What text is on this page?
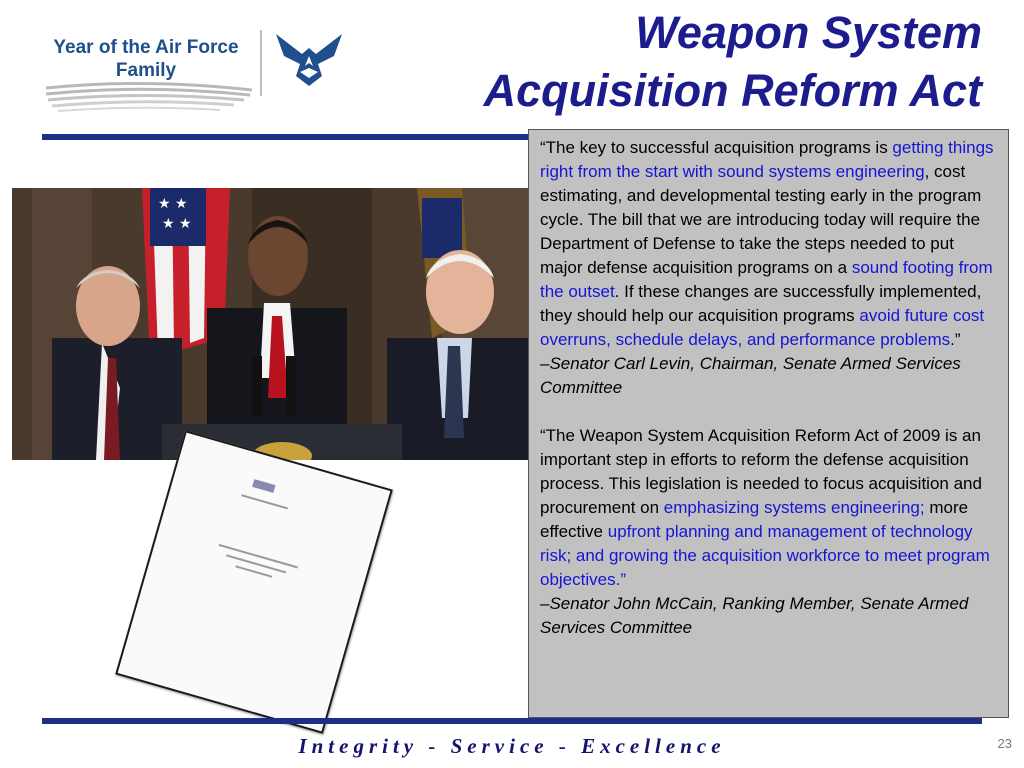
Year of the Air Force
Family
Weapon System
Acquisition Reform Act
★ ★
★ ★

“The key to successful acquisition programs is getting things right from the start with sound systems engineering, cost estimating, and developmental testing early in the program cycle. The bill that we are introducing today will require the Department of Defense to take the steps needed to put major defense acquisition programs on a sound footing from the outset. If these changes are successfully implemented, they should help our acquisition programs avoid future cost overruns, schedule delays, and performance problems.”

–Senator Carl Levin, Chairman, Senate Armed Services Committee

“The Weapon System Acquisition Reform Act of 2009 is an important step in efforts to reform the defense acquisition process. This legislation is needed to focus acquisition and procurement on emphasizing systems engineering; more effective upfront planning and management of technology risk; and growing the acquisition workforce to meet program objectives.”

–Senator John McCain, Ranking Member, Senate Armed Services Committee

Integrity - Service - Excellence	23
